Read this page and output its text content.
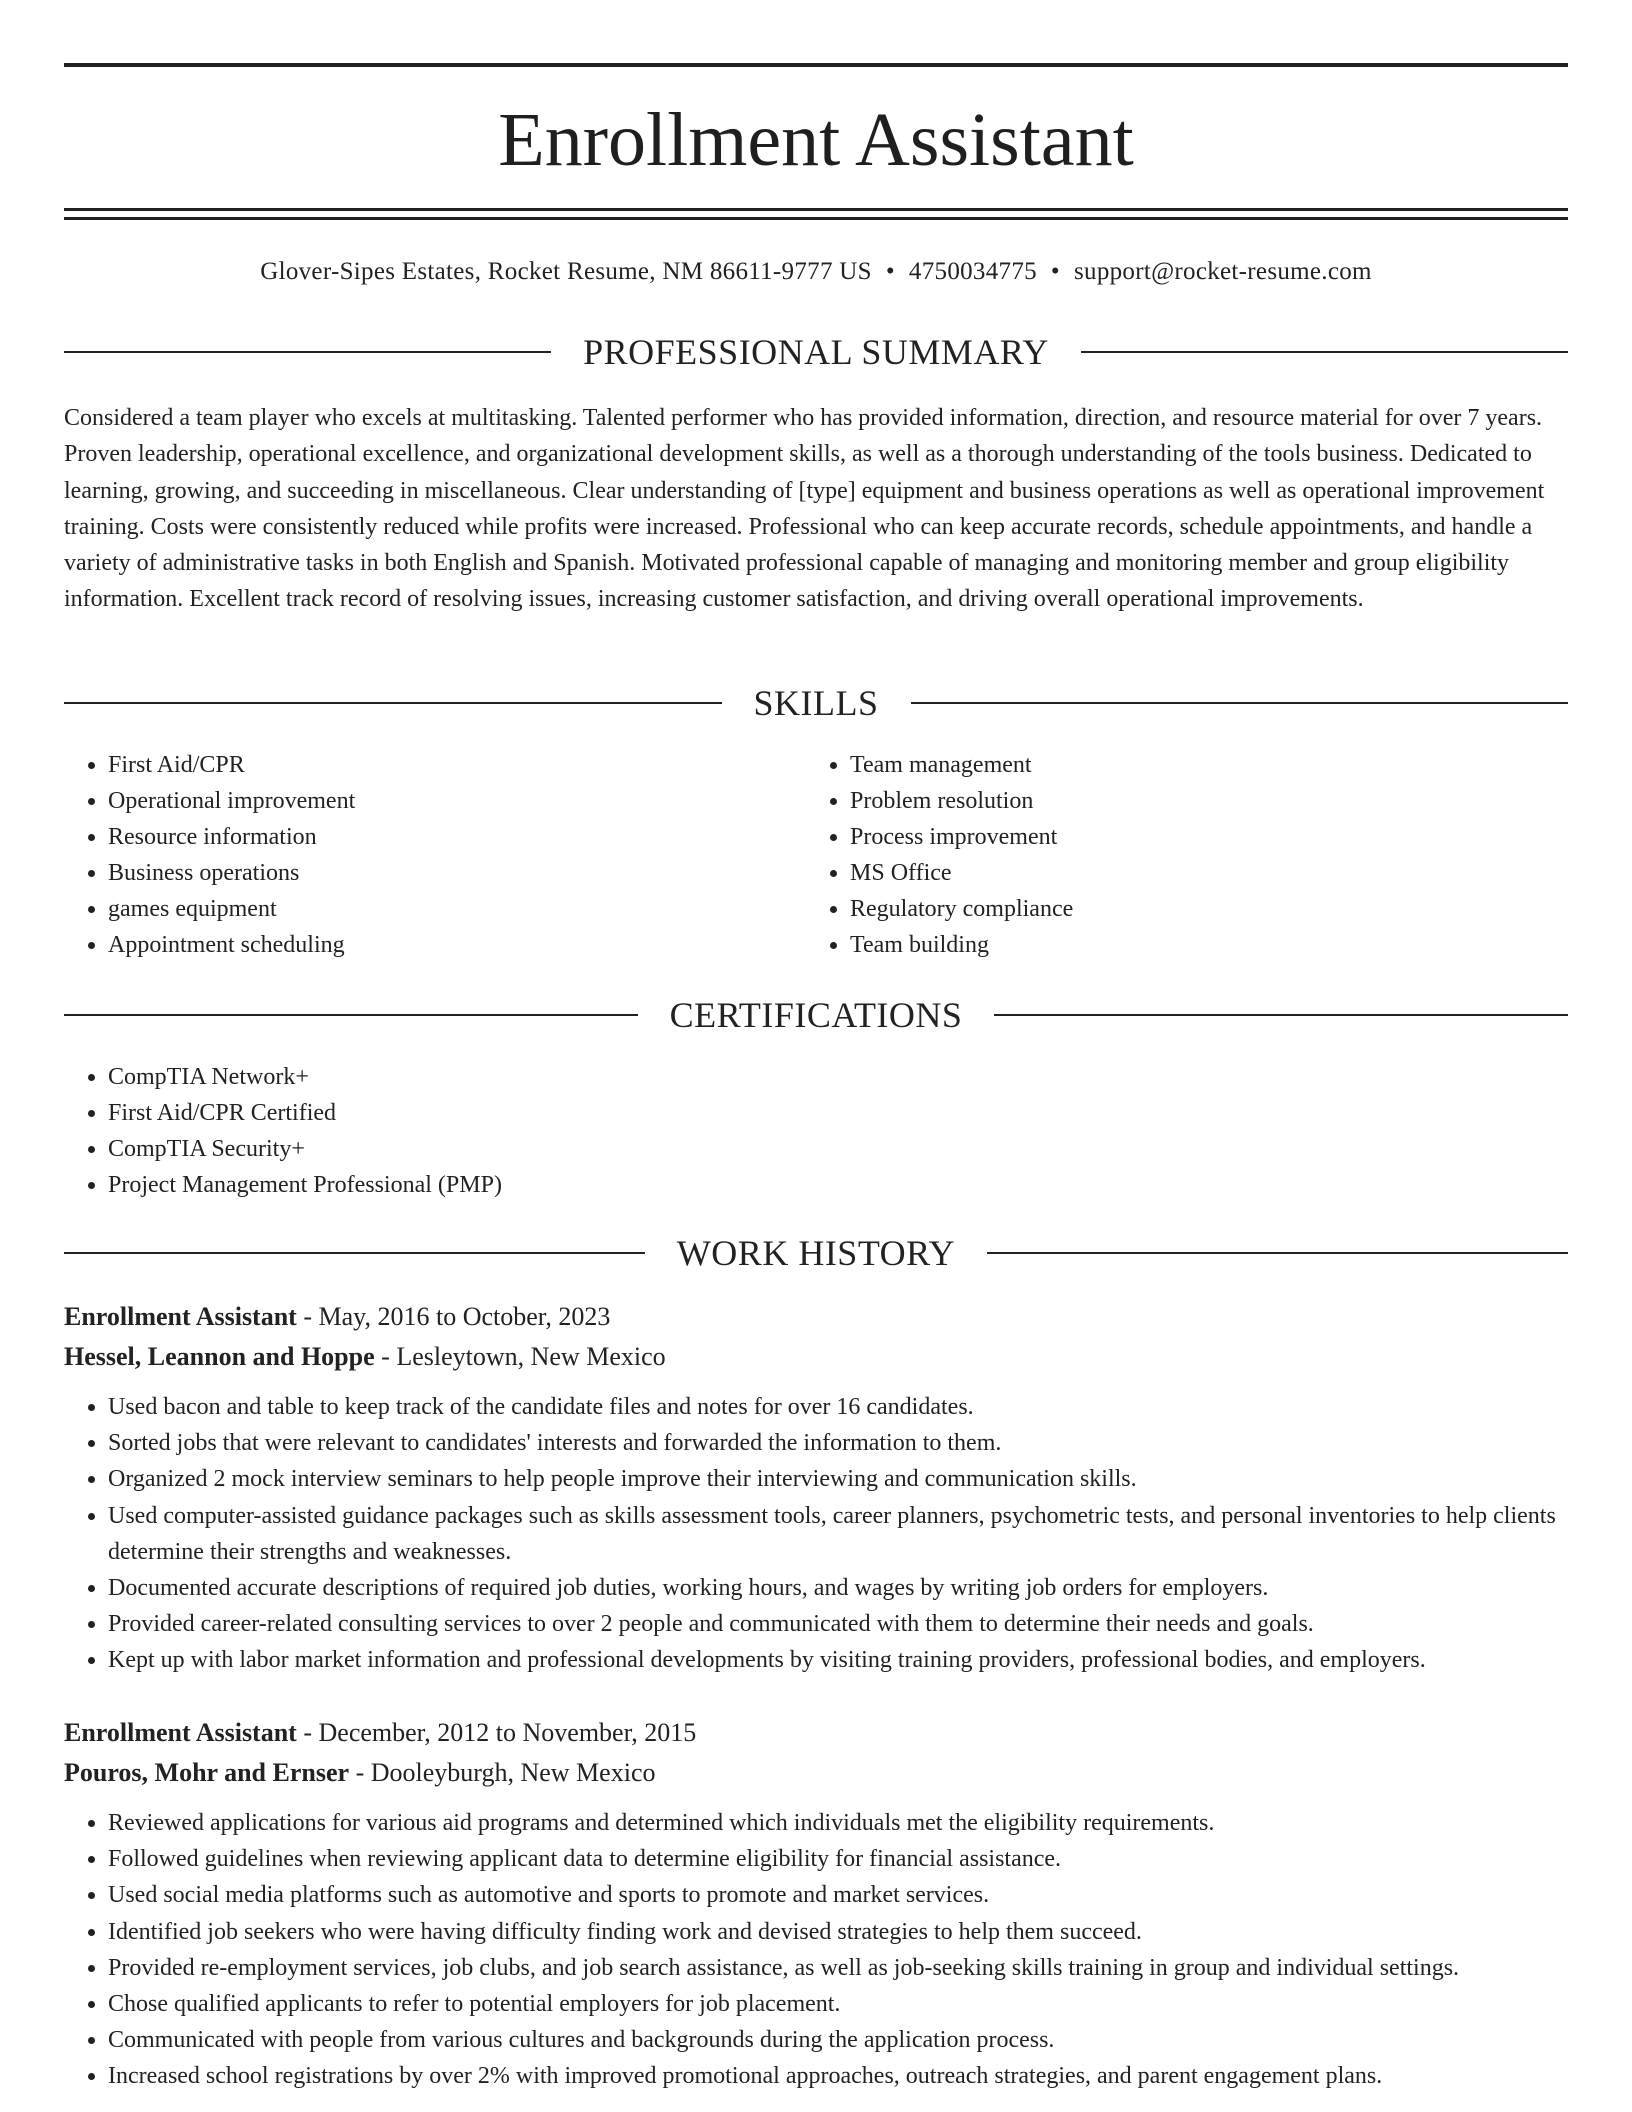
Enrollment Assistant
Glover-Sipes Estates, Rocket Resume, NM 86611-9777 US • 4750034775 • support@rocket-resume.com
PROFESSIONAL SUMMARY

Considered a team player who excels at multitasking. Talented performer who has provided information, direction, and resource material for over 7 years. Proven leadership, operational excellence, and organizational development skills, as well as a thorough understanding of the tools business. Dedicated to learning, growing, and succeeding in miscellaneous. Clear understanding of [type] equipment and business operations as well as operational improvement training. Costs were consistently reduced while profits were increased. Professional who can keep accurate records, schedule appointments, and handle a variety of administrative tasks in both English and Spanish. Motivated professional capable of managing and monitoring member and group eligibility information. Excellent track record of resolving issues, increasing customer satisfaction, and driving overall operational improvements.

SKILLS
• First Aid/CPR
• Operational improvement
• Resource information
• Business operations
• games equipment
• Appointment scheduling
• Team management
• Problem resolution
• Process improvement
• MS Office
• Regulatory compliance
• Team building
CERTIFICATIONS
• CompTIA Network+
• First Aid/CPR Certified
• CompTIA Security+
• Project Management Professional (PMP)
WORK HISTORY
Enrollment Assistant - May, 2016 to October, 2023
Hessel, Leannon and Hoppe - Lesleytown, New Mexico
• Used bacon and table to keep track of the candidate files and notes for over 16 candidates.
• Sorted jobs that were relevant to candidates' interests and forwarded the information to them.
• Organized 2 mock interview seminars to help people improve their interviewing and communication skills.
• Used computer-assisted guidance packages such as skills assessment tools, career planners, psychometric tests, and personal inventories to help clients determine their strengths and weaknesses.
• Documented accurate descriptions of required job duties, working hours, and wages by writing job orders for employers.
• Provided career-related consulting services to over 2 people and communicated with them to determine their needs and goals.
• Kept up with labor market information and professional developments by visiting training providers, professional bodies, and employers.
Enrollment Assistant - December, 2012 to November, 2015
Pouros, Mohr and Ernser - Dooleyburgh, New Mexico
• Reviewed applications for various aid programs and determined which individuals met the eligibility requirements.
• Followed guidelines when reviewing applicant data to determine eligibility for financial assistance.
• Used social media platforms such as automotive and sports to promote and market services.
• Identified job seekers who were having difficulty finding work and devised strategies to help them succeed.
• Provided re-employment services, job clubs, and job search assistance, as well as job-seeking skills training in group and individual settings.
• Chose qualified applicants to refer to potential employers for job placement.
• Communicated with people from various cultures and backgrounds during the application process.
• Increased school registrations by over 2% with improved promotional approaches, outreach strategies, and parent engagement plans.
